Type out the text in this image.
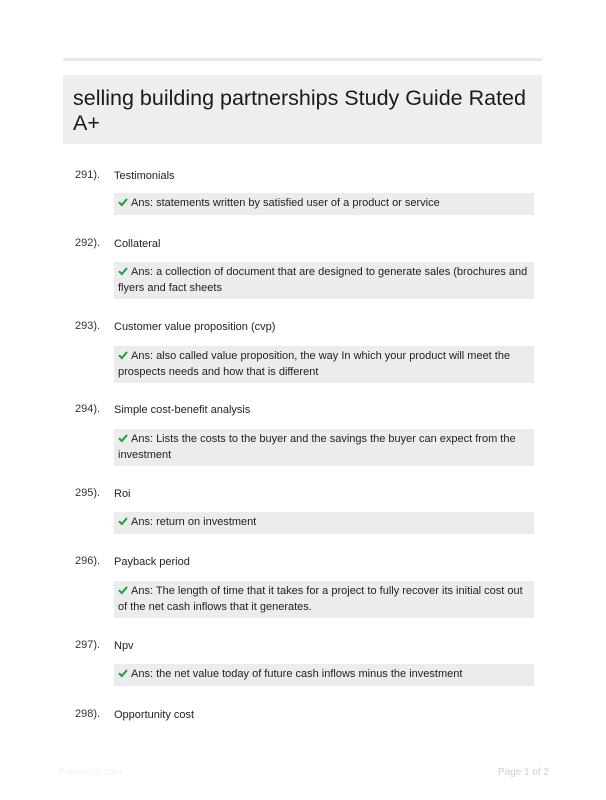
selling building partnerships Study Guide Rated A+
291). Testimonials
Ans: statements written by satisfied user of a product or service
292). Collateral
Ans: a collection of document that are designed to generate sales (brochures and flyers and fact sheets
293). Customer value proposition (cvp)
Ans: also called value proposition, the way In which your product will meet the prospects needs and how that is different
294). Simple cost-benefit analysis
Ans: Lists the costs to the buyer and the savings the buyer can expect from the investment
295). Roi
Ans: return on investment
296). Payback period
Ans: The length of time that it takes for a project to fully recover its initial cost out of the net cash inflows that it generates.
297). Npv
Ans: the net value today of future cash inflows minus the investment
298). Opportunity cost
Papersbit.com	Page 1 of 2
